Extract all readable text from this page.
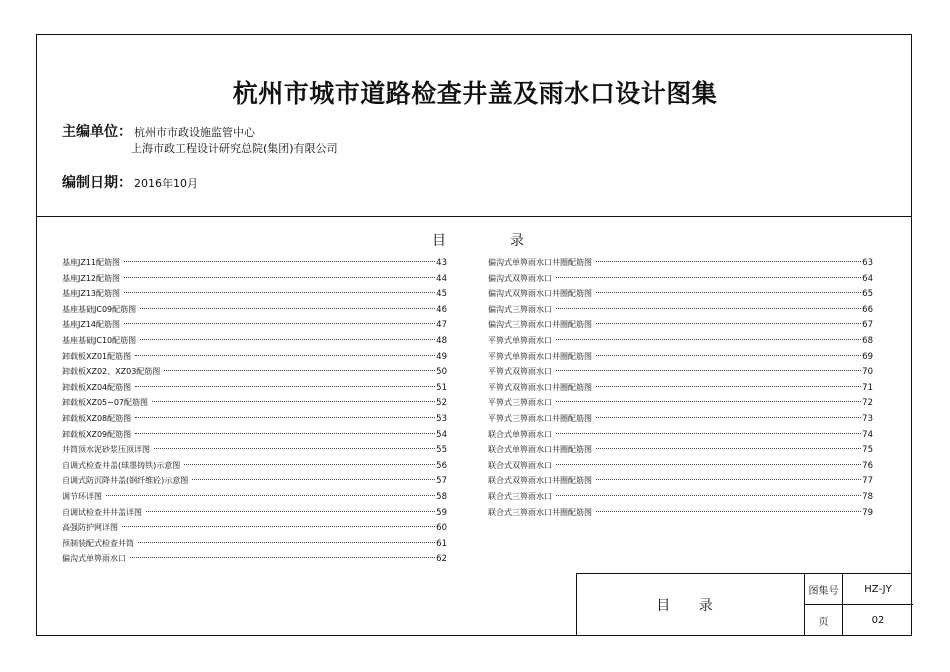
杭州市城市道路检查井盖及雨水口设计图集
主编单位： 杭州市市政设施监管中心
上海市政工程设计研究总院(集团)有限公司
编制日期： 2016年10月
目	录
基座JZ11配筋图	43
基座JZ12配筋图	44
基座JZ13配筋图	45
基座基础JC09配筋图	46
基座JZ14配筋图	47
基座基础JC10配筋图	48
卸载板XZ01配筋图	49
卸载板XZ02、XZ03配筋图	50
卸载板XZ04配筋图	51
卸载板XZ05~07配筋图	52
卸载板XZ08配筋图	53
卸载板XZ09配筋图	54
井筒顶水泥砂浆压顶详图	55
自调式检查井盖(球墨铸铁)示意图	56
自调式防沉降井盖(钢纤维砼)示意图	57
调节环详图	58
自调试检查井井盖详图	59
高强防护网详图	60
预制装配式检查井筒	61
偏沟式单箅雨水口	62
偏沟式单箅雨水口井圈配筋图	63
偏沟式双箅雨水口	64
偏沟式双箅雨水口井圈配筋图	65
偏沟式三箅雨水口	66
偏沟式三箅雨水口井圈配筋图	67
平箅式单箅雨水口	68
平箅式单箅雨水口井圈配筋图	69
平箅式双箅雨水口	70
平箅式双箅雨水口井圈配筋图	71
平箅式三箅雨水口	72
平箅式三箅雨水口井圈配筋图	73
联合式单箅雨水口	74
联合式单箅雨水口井圈配筋图	75
联合式双箅雨水口	76
联合式双箅雨水口井圈配筋图	77
联合式三箅雨水口	78
联合式三箅雨水口井圈配筋图	79
目 录
图集号	HZ-JY
页	02
